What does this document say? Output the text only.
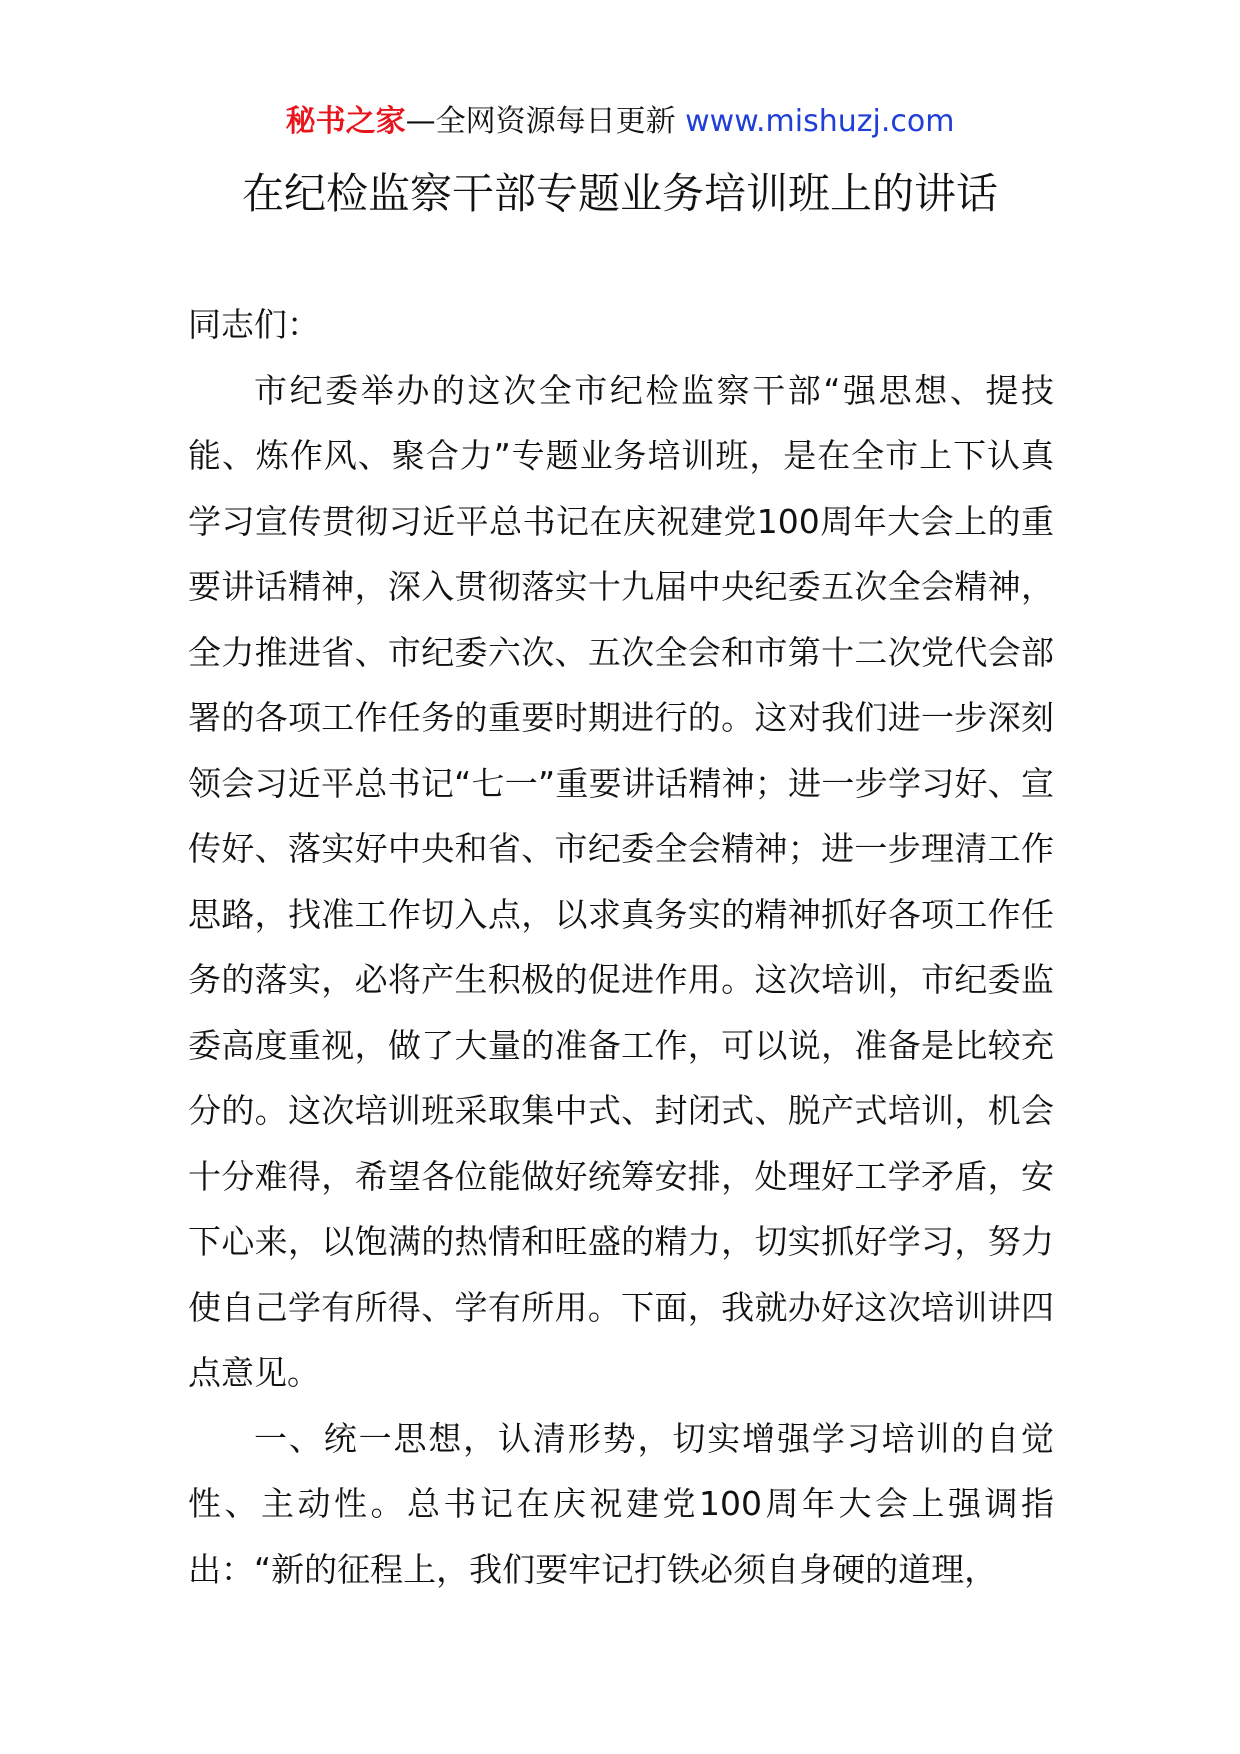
秘书之家—全网资源每日更新 www.mishuzj.com
在纪检监察干部专题业务培训班上的讲话

同志们：

市纪委举办的这次全市纪检监察干部“强思想、提技能、炼作风、聚合力”专题业务培训班，是在全市上下认真学习宣传贯彻习近平总书记在庆祝建党100周年大会上的重要讲话精神，深入贯彻落实十九届中央纪委五次全会精神，全力推进省、市纪委六次、五次全会和市第十二次党代会部署的各项工作任务的重要时期进行的。这对我们进一步深刻领会习近平总书记“七一”重要讲话精神；进一步学习好、宣传好、落实好中央和省、市纪委全会精神；进一步理清工作思路，找准工作切入点，以求真务实的精神抓好各项工作任务的落实，必将产生积极的促进作用。这次培训，市纪委监委高度重视，做了大量的准备工作，可以说，准备是比较充分的。这次培训班采取集中式、封闭式、脱产式培训，机会十分难得，希望各位能做好统筹安排，处理好工学矛盾，安下心来，以饱满的热情和旺盛的精力，切实抓好学习，努力使自己学有所得、学有所用。下面，我就办好这次培训讲四点意见。

一、统一思想，认清形势，切实增强学习培训的自觉性、主动性。总书记在庆祝建党100周年大会上强调指出：“新的征程上，我们要牢记打铁必须自身硬的道理，
